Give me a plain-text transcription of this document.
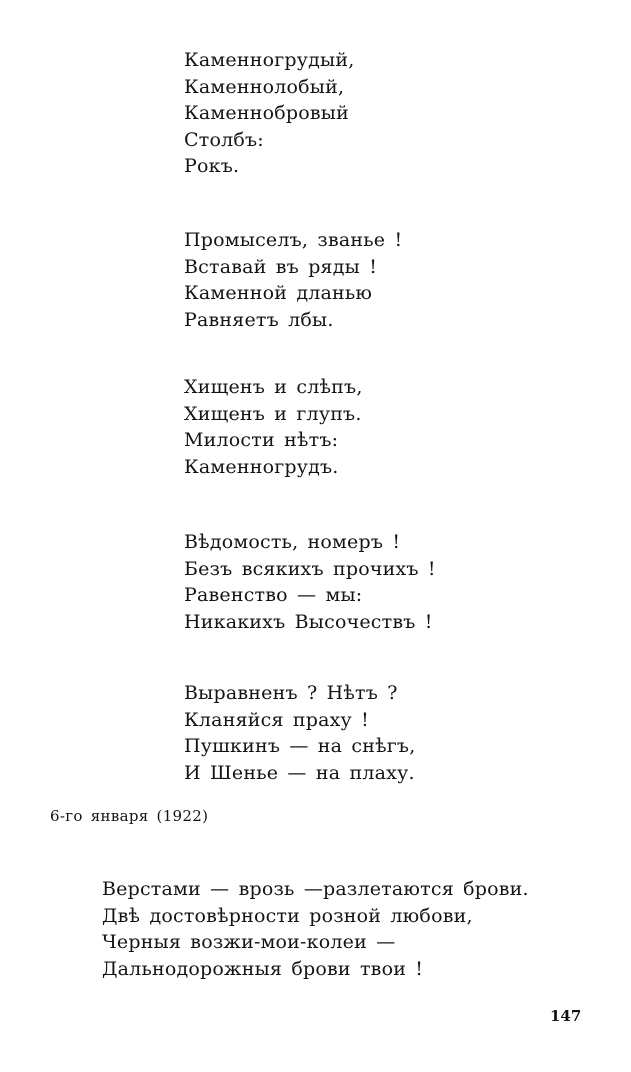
Каменногрудый,
Каменнолобый,
Каменнобровый
Столбъ:
Рокъ.
Промыселъ, званье !
Вставай въ ряды !
Каменной дланью
Равняетъ лбы.
Хищенъ и слѣпъ,
Хищенъ и глупъ.
Милости нѣтъ:
Каменногрудъ.
Вѣдомость, номеръ !
Безъ всякихъ прочихъ !
Равенство — мы:
Никакихъ Высочествъ !
Выравненъ ? Нѣтъ ?
Кланяйся праху !
Пушкинъ — на снѣгъ,
И Шенье — на плаху.
6-го января (1922)
Верстами — врозь —разлетаются брови.
Двѣ достовѣрности розной любови,
Черныя возжи-мои-колеи —
Дальнодорожныя брови твои !
147
